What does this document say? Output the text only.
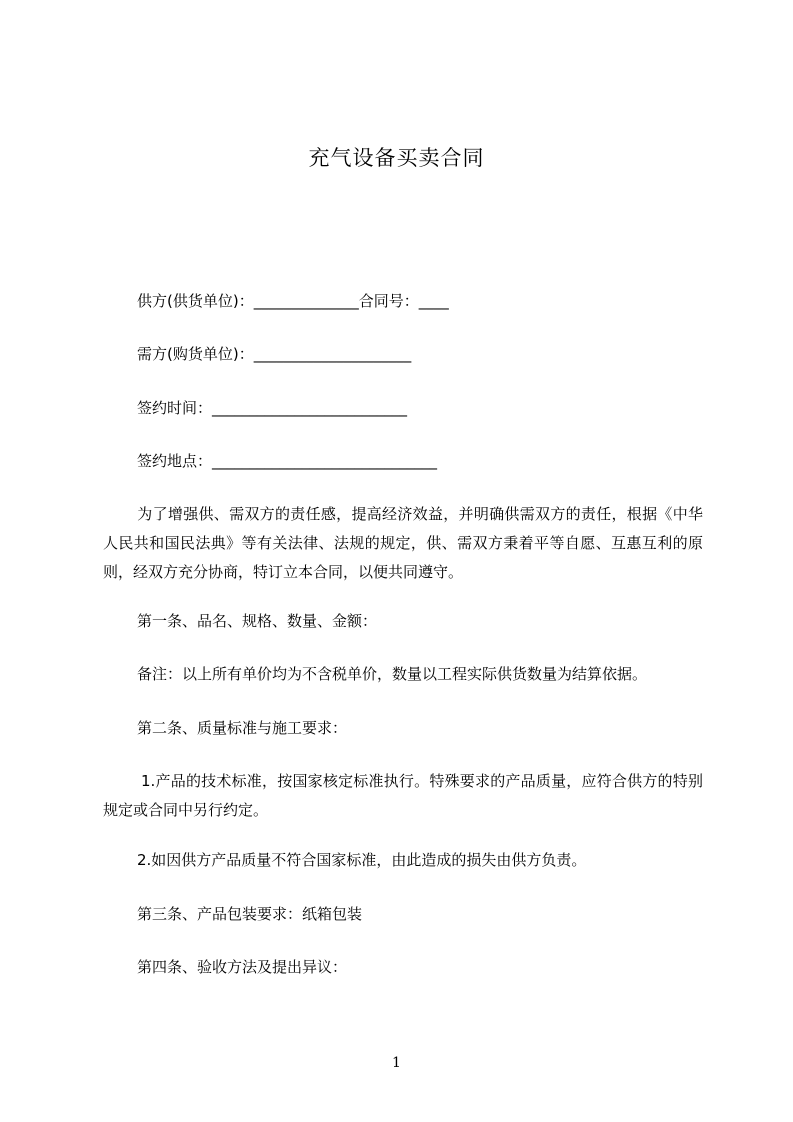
充气设备买卖合同
供方(供货单位)：______________合同号：____
需方(购货单位)：_____________________
签约时间：__________________________
签约地点：______________________________
为了增强供、需双方的责任感，提高经济效益，并明确供需双方的责任，根据《中华人民共和国民法典》等有关法律、法规的规定，供、需双方秉着平等自愿、互惠互利的原则，经双方充分协商，特订立本合同，以便共同遵守。
第一条、品名、规格、数量、金额：
备注：以上所有单价均为不含税单价，数量以工程实际供货数量为结算依据。
第二条、质量标准与施工要求：
1.产品的技术标准，按国家核定标准执行。特殊要求的产品质量，应符合供方的特别规定或合同中另行约定。
2.如因供方产品质量不符合国家标准，由此造成的损失由供方负责。
第三条、产品包装要求：纸箱包装
第四条、验收方法及提出异议：
1
